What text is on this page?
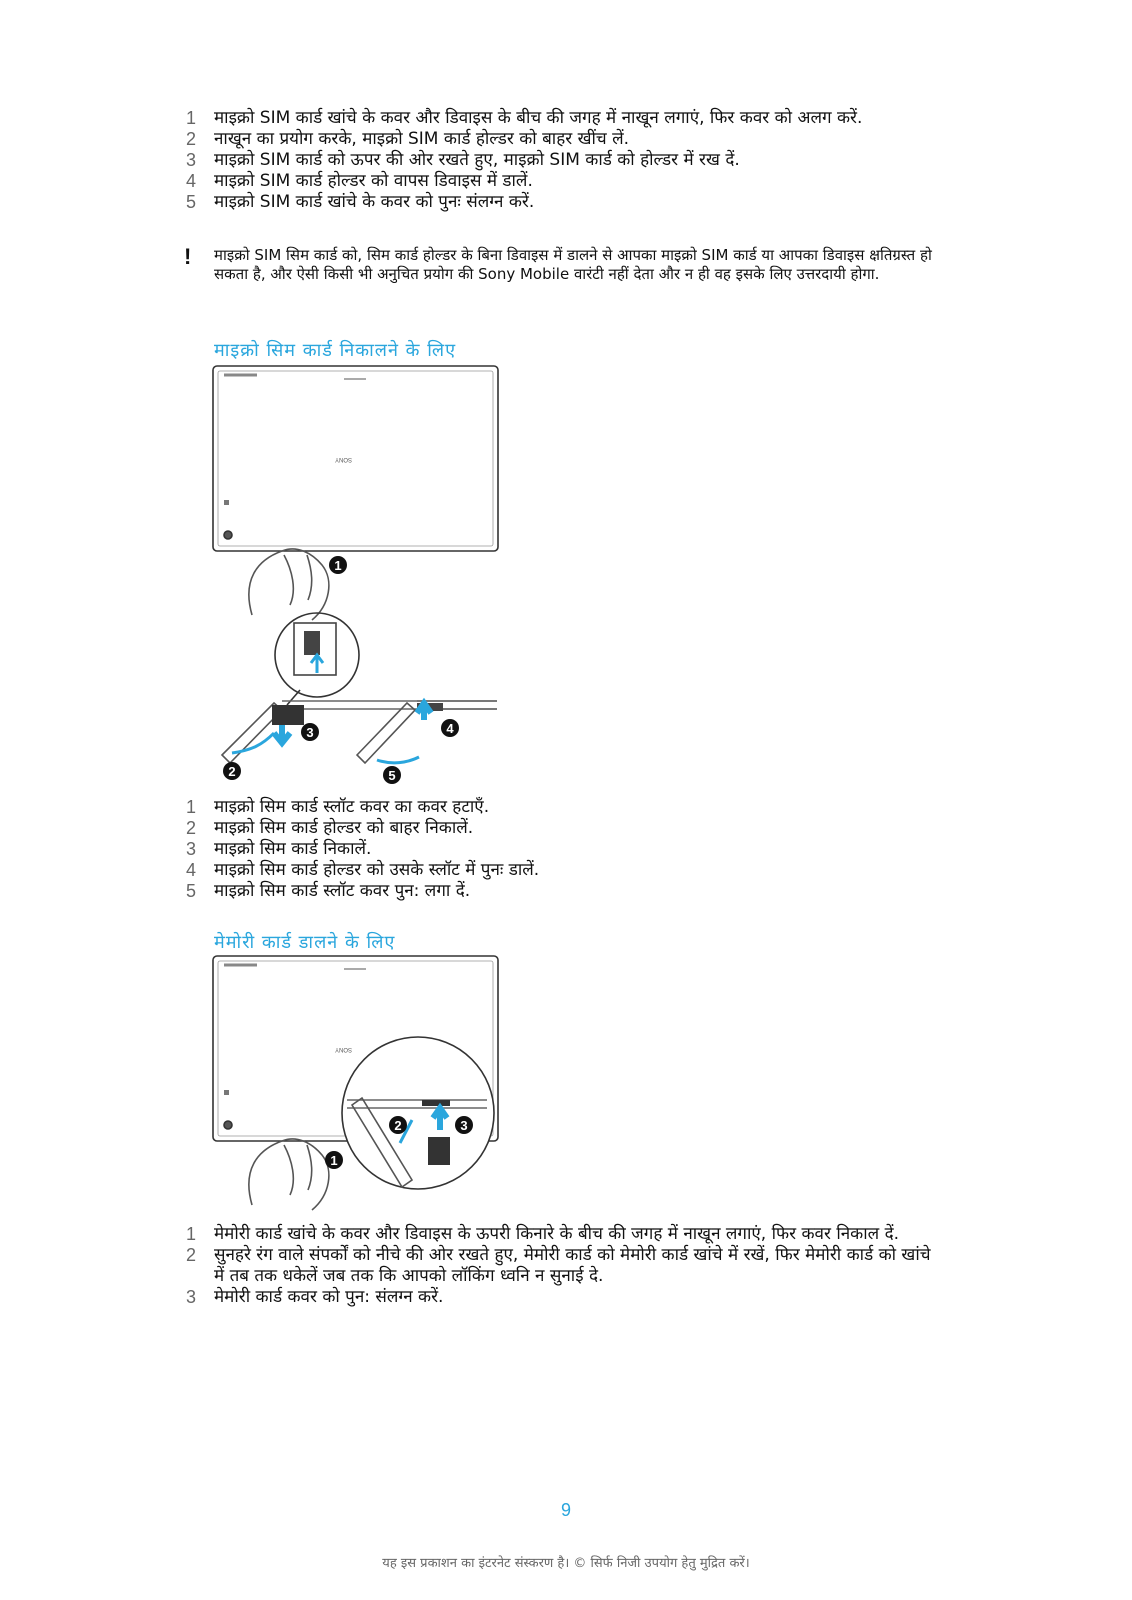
1 माइक्रो SIM कार्ड खांचे के कवर और डिवाइस के बीच की जगह में नाखून लगाएं, फिर कवर को अलग करें.
2 नाखून का प्रयोग करके, माइक्रो SIM कार्ड होल्डर को बाहर खींच लें.
3 माइक्रो SIM कार्ड को ऊपर की ओर रखते हुए, माइक्रो SIM कार्ड को होल्डर में रख दें.
4 माइक्रो SIM कार्ड होल्डर को वापस डिवाइस में डालें.
5 माइक्रो SIM कार्ड खांचे के कवर को पुनः संलग्न करें.
! माइक्रो SIM सिम कार्ड को, सिम कार्ड होल्डर के बिना डिवाइस में डालने से आपका माइक्रो SIM कार्ड या आपका डिवाइस क्षतिग्रस्त हो सकता है, और ऐसी किसी भी अनुचित प्रयोग की Sony Mobile वारंटी नहीं देता और न ही वह इसके लिए उत्तरदायी होगा.
माइक्रो सिम कार्ड निकालने के लिए
SONY
1
2
3	4
5
1 माइक्रो सिम कार्ड स्लॉट कवर का कवर हटाएँ.
2 माइक्रो सिम कार्ड होल्डर को बाहर निकालें.
3 माइक्रो सिम कार्ड निकालें.
4 माइक्रो सिम कार्ड होल्डर को उसके स्लॉट में पुनः डालें.
5 माइक्रो सिम कार्ड स्लॉट कवर पुन: लगा दें.
मेमोरी कार्ड डालने के लिए
SONY
1
2	3
1 मेमोरी कार्ड खांचे के कवर और डिवाइस के ऊपरी किनारे के बीच की जगह में नाखून लगाएं, फिर कवर निकाल दें.
2 सुनहरे रंग वाले संपर्कों को नीचे की ओर रखते हुए, मेमोरी कार्ड को मेमोरी कार्ड खांचे में रखें, फिर मेमोरी कार्ड को खांचे में तब तक धकेलें जब तक कि आपको लॉकिंग ध्वनि न सुनाई दे.
3 मेमोरी कार्ड कवर को पुन: संलग्न करें.
9
यह इस प्रकाशन का इंटरनेट संस्करण है। © सिर्फ निजी उपयोग हेतु मुद्रित करें।
